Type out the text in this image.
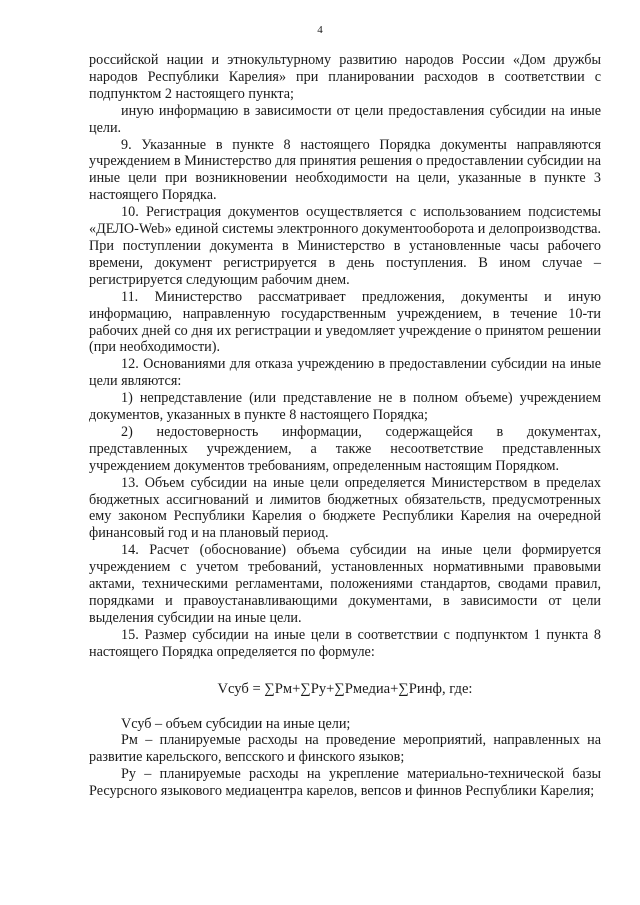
4

российской нации и этнокультурному развитию народов России «Дом дружбы народов Республики Карелия» при планировании расходов в соответствии с подпунктом 2 настоящего пункта;

иную информацию в зависимости от цели предоставления субсидии на иные цели.

9. Указанные в пункте 8 настоящего Порядка документы направляются учреждением в Министерство для принятия решения о предоставлении субсидии на иные цели при возникновении необходимости на цели, указанные в пункте 3 настоящего Порядка.

10. Регистрация документов осуществляется с использованием подсистемы «ДЕЛО-Web» единой системы электронного документооборота и делопроизводства. При поступлении документа в Министерство в установленные часы рабочего времени, документ регистрируется в день поступления. В ином случае – регистрируется следующим рабочим днем.

11. Министерство рассматривает предложения, документы и иную информацию, направленную государственным учреждением, в течение 10-ти рабочих дней со дня их регистрации и уведомляет учреждение о принятом решении (при необходимости).

12. Основаниями для отказа учреждению в предоставлении субсидии на иные цели являются:

1) непредставление (или представление не в полном объеме) учреждением документов, указанных в пункте 8 настоящего Порядка;

2) недостоверность информации, содержащейся в документах, представленных учреждением, а также несоответствие представленных учреждением документов требованиям, определенным настоящим Порядком.

13. Объем субсидии на иные цели определяется Министерством в пределах бюджетных ассигнований и лимитов бюджетных обязательств, предусмотренных ему законом Республики Карелия о бюджете Республики Карелия на очередной финансовый год и на плановый период.

14. Расчет (обоснование) объема субсидии на иные цели формируется учреждением с учетом требований, установленных нормативными правовыми актами, техническими регламентами, положениями стандартов, сводами правил, порядками и правоустанавливающими документами, в зависимости от цели выделения субсидии на иные цели.

15. Размер субсидии на иные цели в соответствии с подпунктом 1 пункта 8 настоящего Порядка определяется по формуле:

Vсуб = ∑Рм+∑Ру+∑Рмедиа+∑Ринф, где:

Vсуб – объем субсидии на иные цели;

Рм – планируемые расходы на проведение мероприятий, направленных на развитие карельского, вепсского и финского языков;

Ру – планируемые расходы на укрепление материально-технической базы Ресурсного языкового медиацентра карелов, вепсов и финнов Республики Карелия;
